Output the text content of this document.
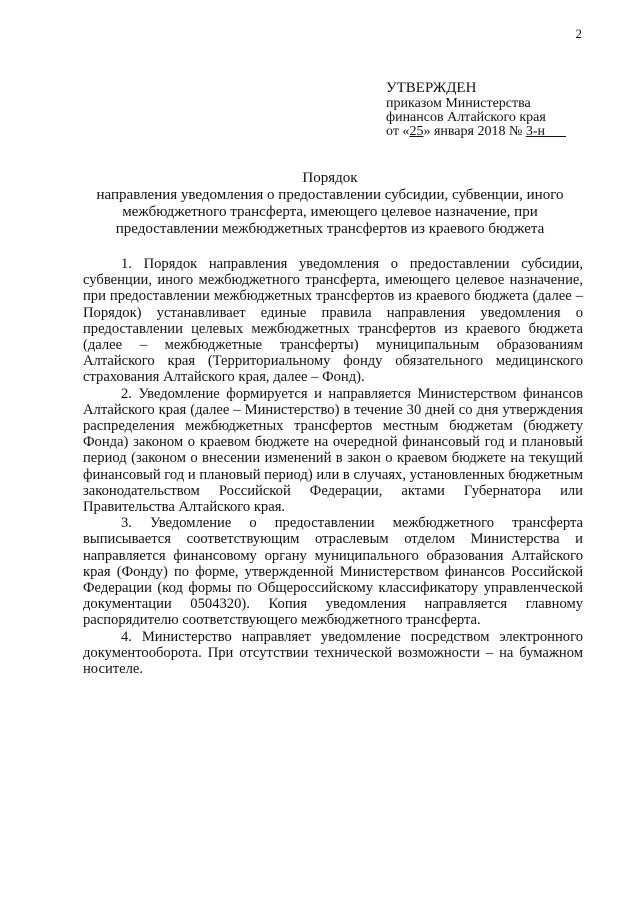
2
УТВЕРЖДЕН
приказом Министерства
финансов Алтайского края
от «25» января 2018 № 3-н
Порядок
направления уведомления о предоставлении субсидии, субвенции, иного
межбюджетного трансферта, имеющего целевое назначение, при
предоставлении межбюджетных трансфертов из краевого бюджета

1. Порядок направления уведомления о предоставлении субсидии, субвенции, иного межбюджетного трансферта, имеющего целевое назначение, при предоставлении межбюджетных трансфертов из краевого бюджета (далее – Порядок) устанавливает единые правила направления уведомления о предоставлении целевых межбюджетных трансфертов из краевого бюджета (далее – межбюджетные трансферты) муниципальным образованиям Алтайского края (Территориальному фонду обязательного медицинского страхования Алтайского края, далее – Фонд).

2. Уведомление формируется и направляется Министерством финансов Алтайского края (далее – Министерство) в течение 30 дней со дня утверждения распределения межбюджетных трансфертов местным бюджетам (бюджету Фонда) законом о краевом бюджете на очередной финансовый год и плановый период (законом о внесении изменений в закон о краевом бюджете на текущий финансовый год и плановый период) или в случаях, установленных бюджетным законодательством Российской Федерации, актами Губернатора или Правительства Алтайского края.

3. Уведомление о предоставлении межбюджетного трансферта выписывается соответствующим отраслевым отделом Министерства и направляется финансовому органу муниципального образования Алтайского края (Фонду) по форме, утвержденной Министерством финансов Российской Федерации (код формы по Общероссийскому классификатору управленческой документации 0504320). Копия уведомления направляется главному распорядителю соответствующего межбюджетного трансферта.

4. Министерство направляет уведомление посредством электронного документооборота. При отсутствии технической возможности – на бумажном носителе.
